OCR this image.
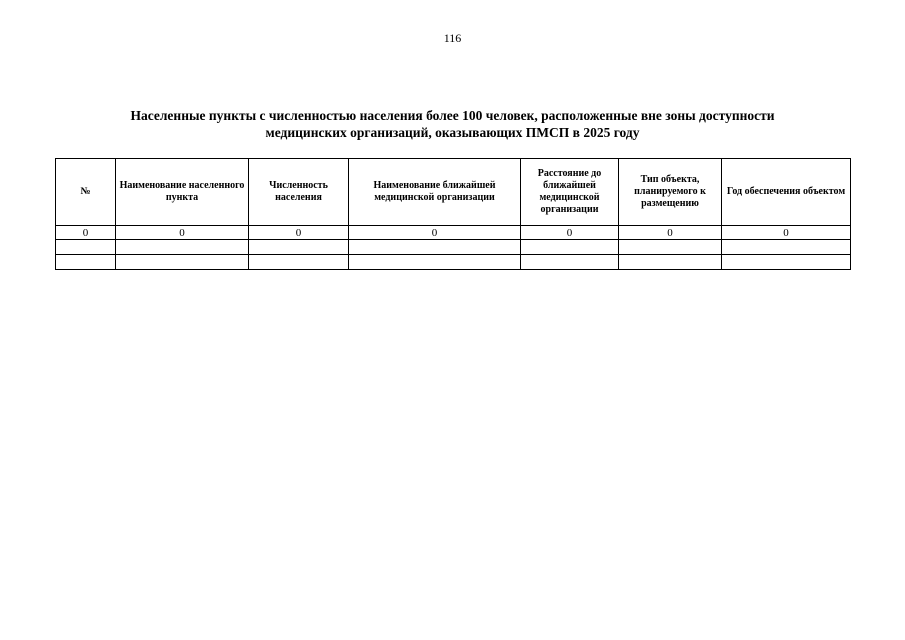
116
Населенные пункты с численностью населения более 100 человек, расположенные вне зоны доступности
медицинских организаций, оказывающих ПМСП в 2025 году
№	Наименование населенного пункта	Численность населения	Наименование ближайшей медицинской организации	Расстояние до ближайшей медицинской организации	Тип объекта, планируемого к размещению	Год обеспечения объектом
0	0	0	0	0	0	0
